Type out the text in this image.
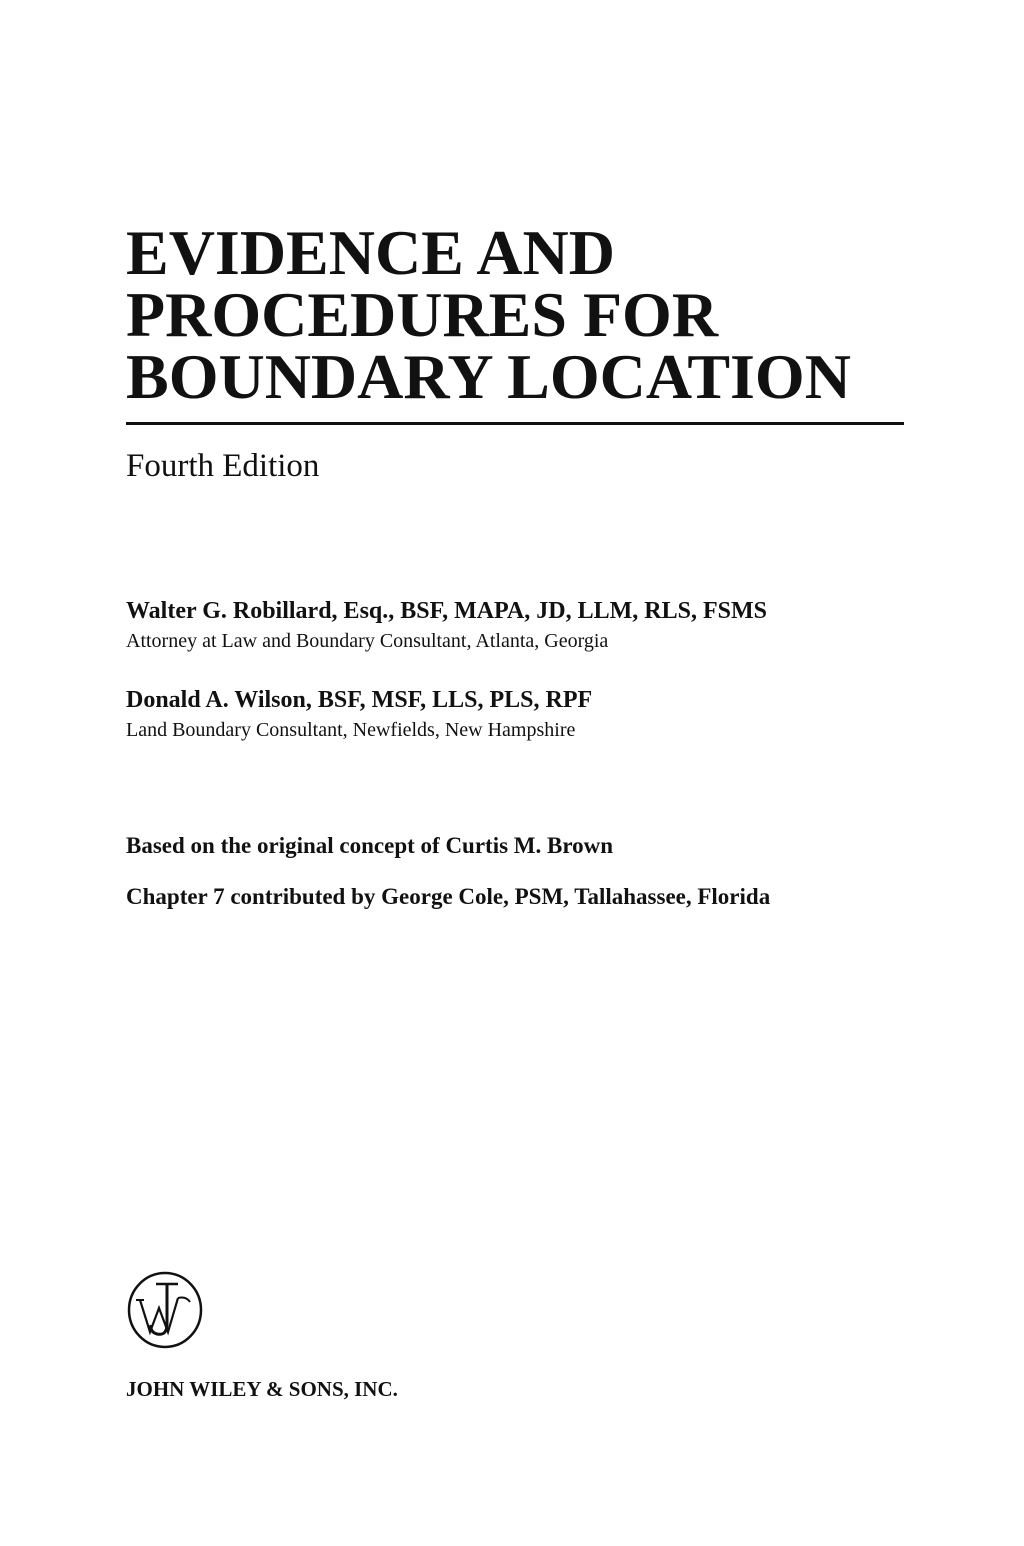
EVIDENCE AND
PROCEDURES FOR
BOUNDARY LOCATION
Fourth Edition
Walter G. Robillard, Esq., BSF, MAPA, JD, LLM, RLS, FSMS
Attorney at Law and Boundary Consultant, Atlanta, Georgia
Donald A. Wilson, BSF, MSF, LLS, PLS, RPF
Land Boundary Consultant, Newfields, New Hampshire
Based on the original concept of Curtis M. Brown
Chapter 7 contributed by George Cole, PSM, Tallahassee, Florida
JOHN WILEY & SONS, INC.
